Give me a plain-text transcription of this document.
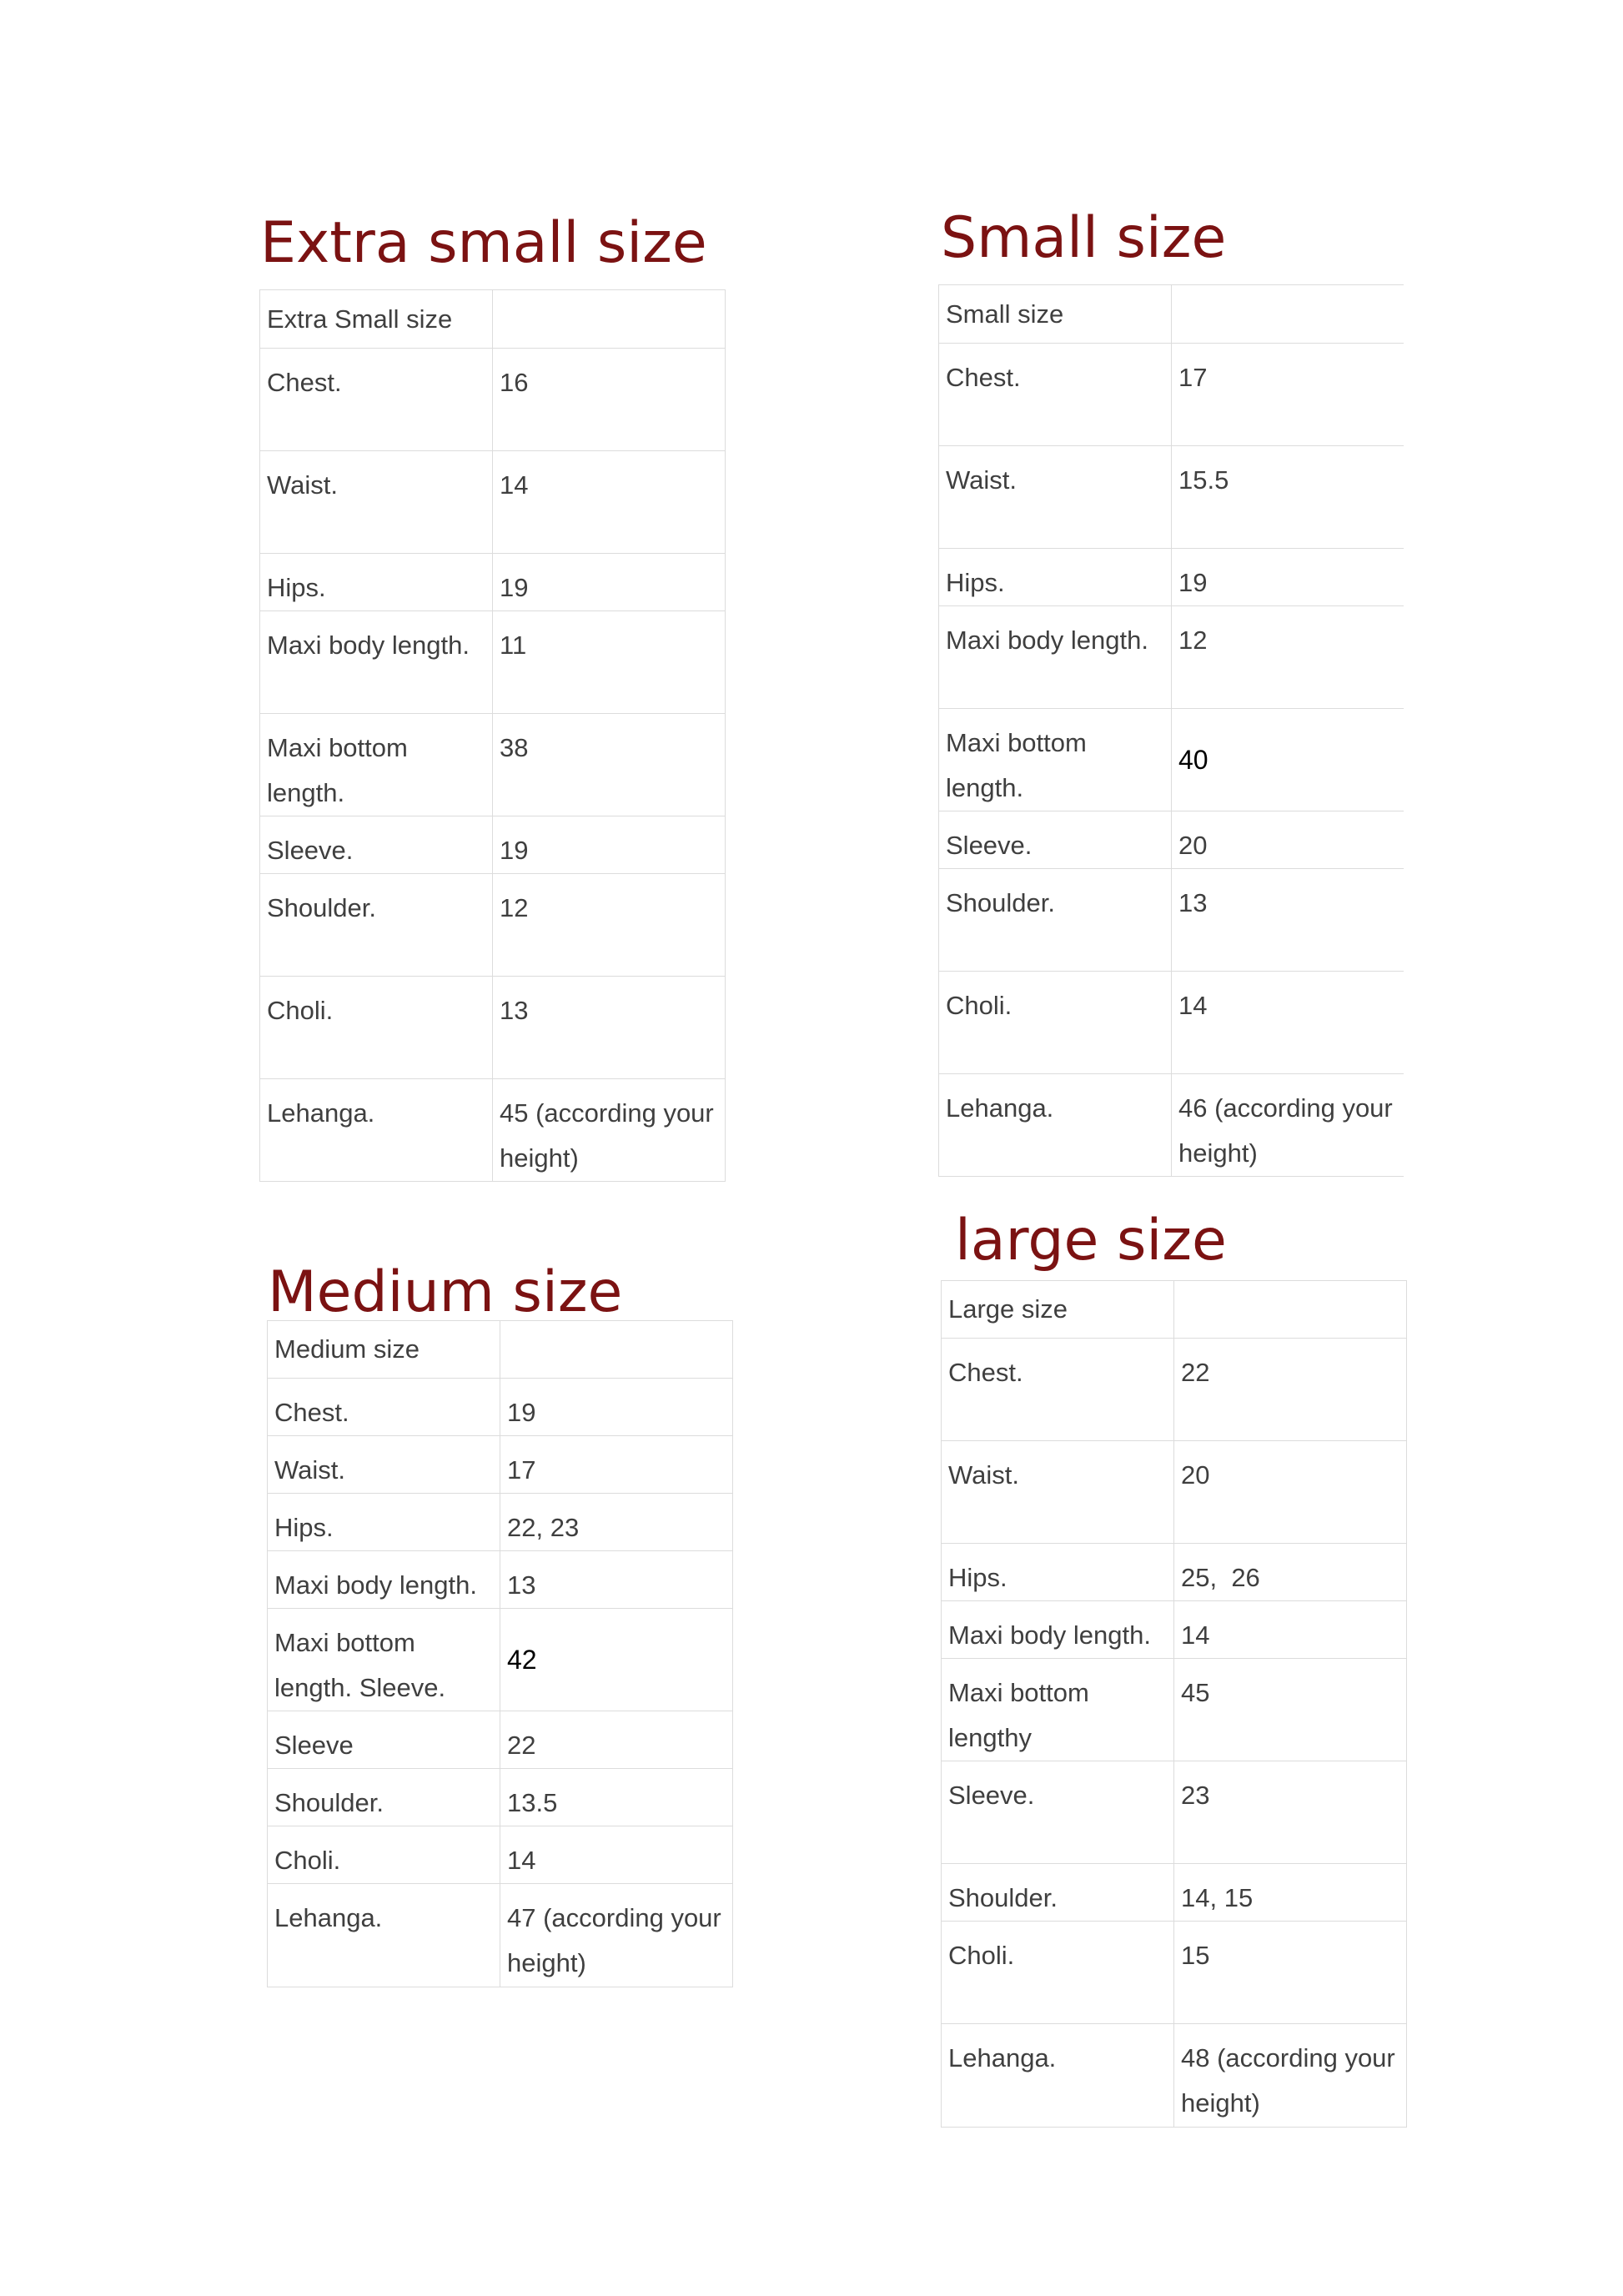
Extra small size
Extra Small size	
Chest.	16
Waist.	14
Hips.	19
Maxi body length.	11
Maxi bottom length.	38
Sleeve.	19
Shoulder.	12
Choli.	13
Lehanga.	45 (according your height)
Small size
Small size	
Chest.	17
Waist.	15.5
Hips.	19
Maxi body length.	12
Maxi bottom length.	40
Sleeve.	20
Shoulder.	13
Choli.	14
Lehanga.	46 (according your height)
Medium size
Medium size	
Chest.	19
Waist.	17
Hips.	22, 23
Maxi body length.	13
Maxi bottom length. Sleeve.	42
Sleeve	22
Shoulder.	13.5
Choli.	14
Lehanga.	47 (according your height)
large size
Large size	
Chest.	22
Waist.	20
Hips.	25,  26
Maxi body length.	14
Maxi bottom lengthy	45
Sleeve.	23
Shoulder.	14, 15
Choli.	15
Lehanga.	48 (according your height)
